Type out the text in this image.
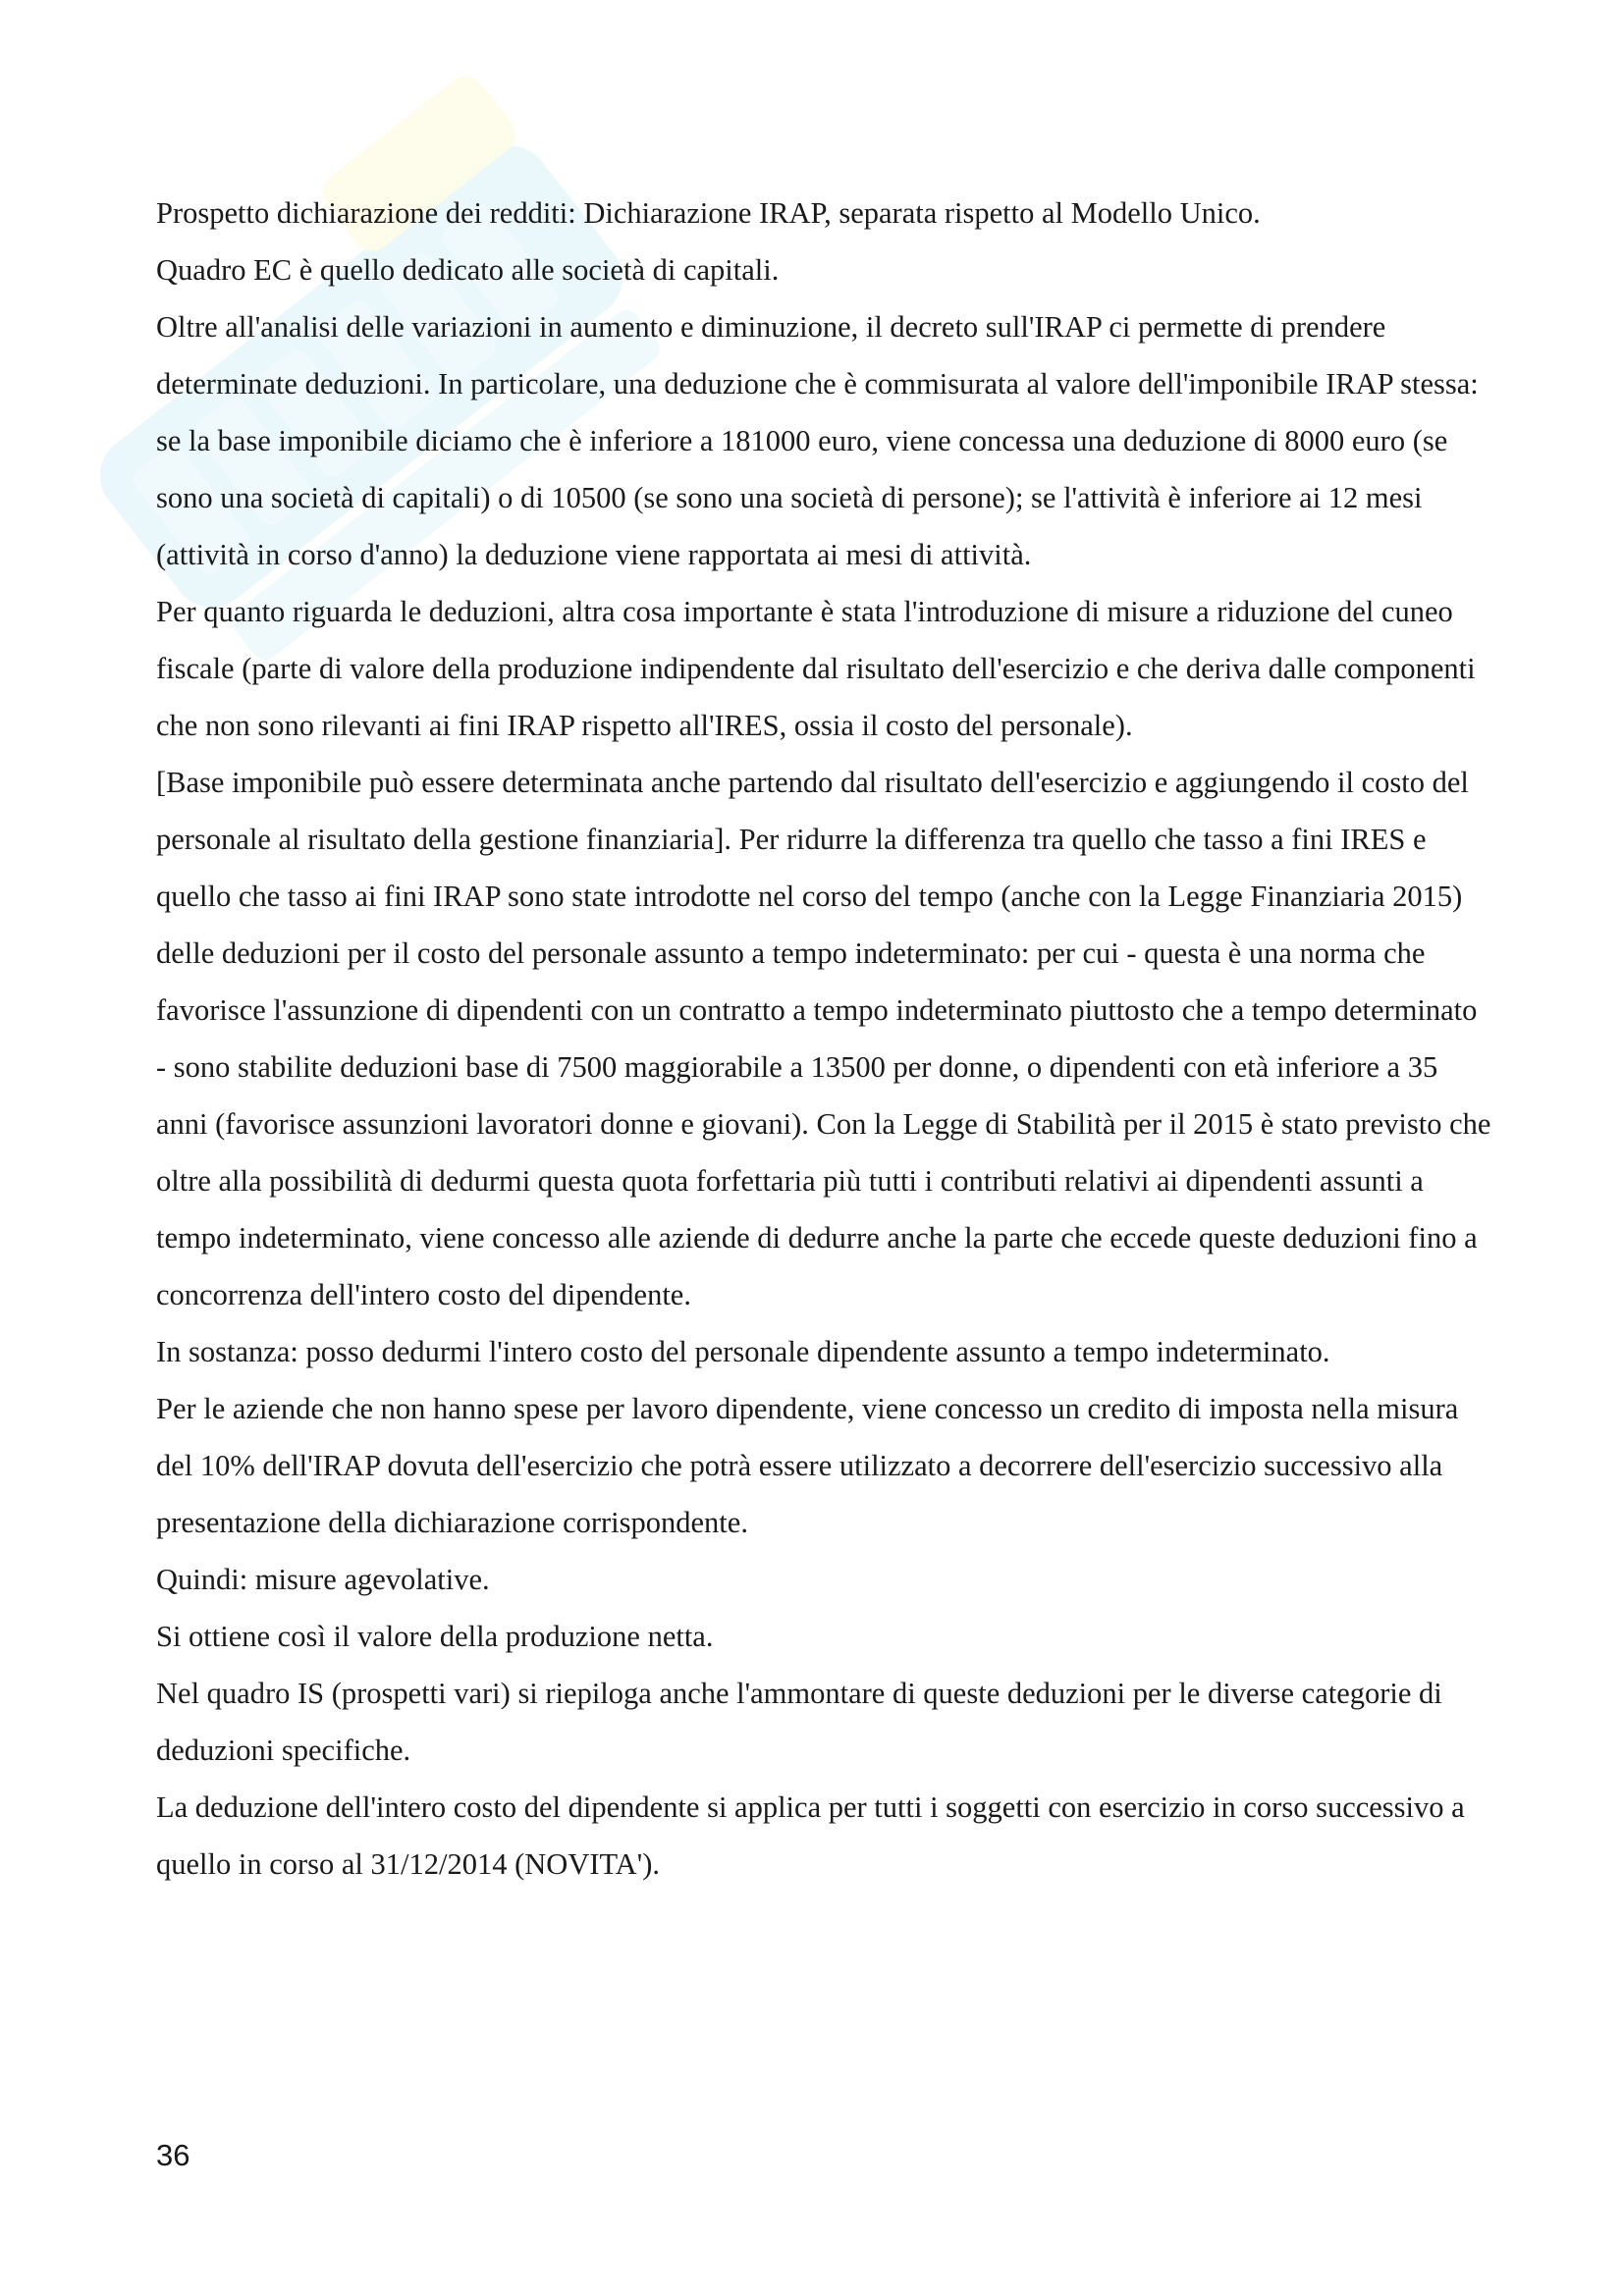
Prospetto dichiarazione dei redditi: Dichiarazione IRAP, separata rispetto al Modello Unico.

Quadro EC è quello dedicato alle società di capitali.

Oltre all'analisi delle variazioni in aumento e diminuzione, il decreto sull'IRAP ci permette di prendere determinate deduzioni. In particolare, una deduzione che è commisurata al valore dell'imponibile IRAP stessa: se la base imponibile diciamo che è inferiore a 181000 euro, viene concessa una deduzione di 8000 euro (se sono una società di capitali) o di 10500 (se sono una società di persone); se l'attività è inferiore ai 12 mesi (attività in corso d'anno) la deduzione viene rapportata ai mesi di attività.

Per quanto riguarda le deduzioni, altra cosa importante è stata l'introduzione di misure a riduzione del cuneo fiscale (parte di valore della produzione indipendente dal risultato dell'esercizio e che deriva dalle componenti che non sono rilevanti ai fini IRAP rispetto all'IRES, ossia il costo del personale).

[Base imponibile può essere determinata anche partendo dal risultato dell'esercizio e aggiungendo il costo del personale al risultato della gestione finanziaria]. Per ridurre la differenza tra quello che tasso a fini IRES e quello che tasso ai fini IRAP sono state introdotte nel corso del tempo (anche con la Legge Finanziaria 2015) delle deduzioni per il costo del personale assunto a tempo indeterminato: per cui - questa è una norma che favorisce l'assunzione di dipendenti con un contratto a tempo indeterminato piuttosto che a tempo determinato - sono stabilite deduzioni base di 7500 maggiorabile a 13500 per donne, o dipendenti con età inferiore a 35 anni (favorisce assunzioni lavoratori donne e giovani). Con la Legge di Stabilità per il 2015 è stato previsto che oltre alla possibilità di dedurmi questa quota forfettaria più tutti i contributi relativi ai dipendenti assunti a tempo indeterminato, viene concesso alle aziende di dedurre anche la parte che eccede queste deduzioni fino a concorrenza dell'intero costo del dipendente.

In sostanza: posso dedurmi l'intero costo del personale dipendente assunto a tempo indeterminato.

Per le aziende che non hanno spese per lavoro dipendente, viene concesso un credito di imposta nella misura del 10% dell'IRAP dovuta dell'esercizio che potrà essere utilizzato a decorrere dell'esercizio successivo alla presentazione della dichiarazione corrispondente.

Quindi: misure agevolative.

Si ottiene così il valore della produzione netta.

Nel quadro IS (prospetti vari) si riepiloga anche l'ammontare di queste deduzioni per le diverse categorie di deduzioni specifiche.

La deduzione dell'intero costo del dipendente si applica per tutti i soggetti con esercizio in corso successivo a quello in corso al 31/12/2014 (NOVITA').

36
